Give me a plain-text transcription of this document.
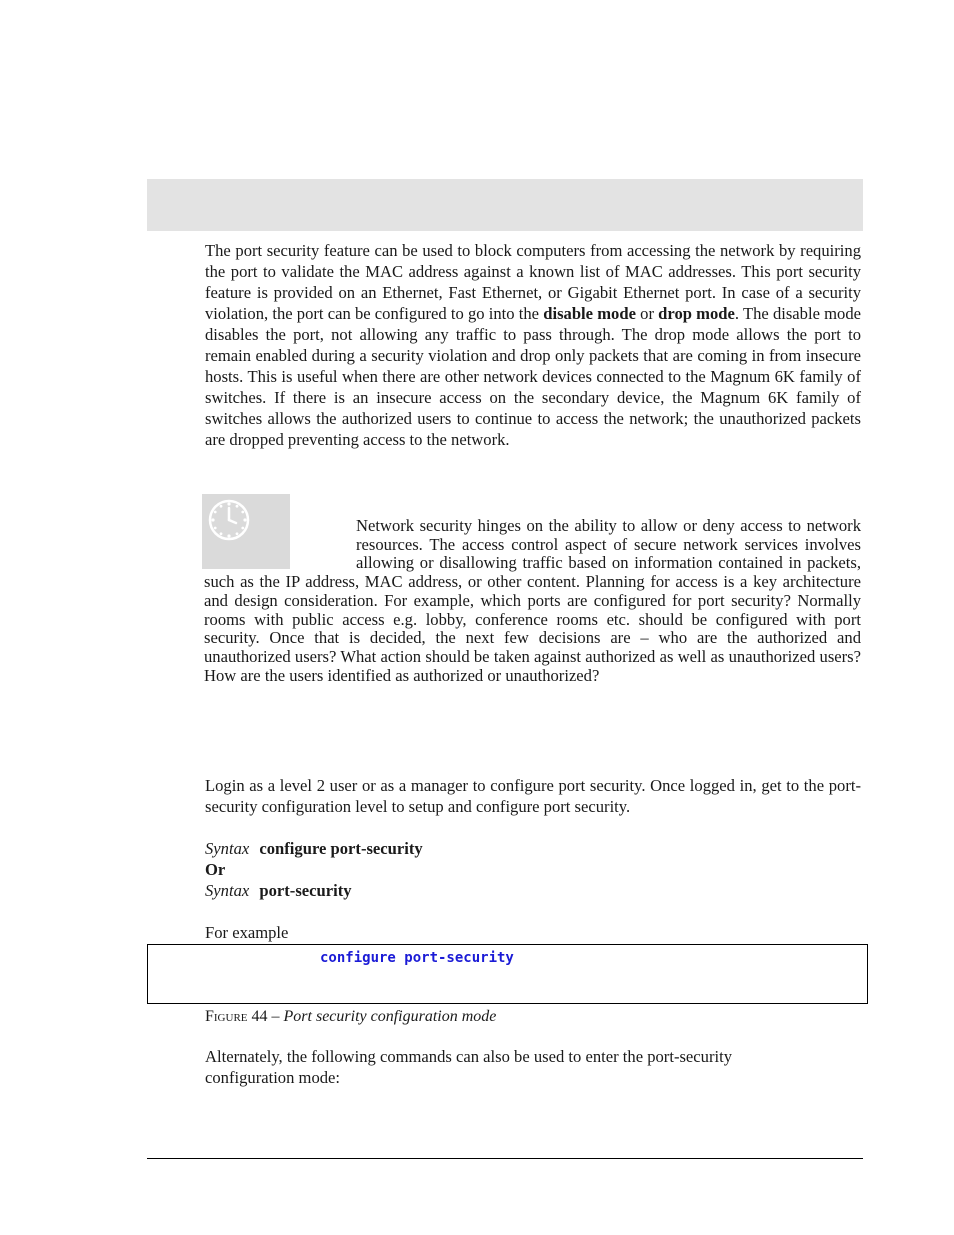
The port security feature can be used to block computers from accessing the network by requiring the port to validate the MAC address against a known list of MAC addresses. This port security feature is provided on an Ethernet, Fast Ethernet, or Gigabit Ethernet port. In case of a security violation, the port can be configured to go into the disable mode or drop mode. The disable mode disables the port, not allowing any traffic to pass through. The drop mode allows the port to remain enabled during a security violation and drop only packets that are coming in from insecure hosts. This is useful when there are other network devices connected to the Magnum 6K family of switches. If there is an insecure access on the secondary device, the Magnum 6K family of switches allows the authorized users to continue to access the network; the unauthorized packets are dropped preventing access to the network.

Network security hinges on the ability to allow or deny access to network resources. The access control aspect of secure network services involves allowing or disallowing traffic based on information contained in packets, such as the IP address, MAC address, or other content. Planning for access is a key architecture and design consideration. For example, which ports are configured for port security? Normally rooms with public access e.g. lobby, conference rooms etc. should be configured with port security. Once that is decided, the next few decisions are – who are the authorized and unauthorized users? What action should be taken against authorized as well as unauthorized users? How are the users identified as authorized or unauthorized?

Login as a level 2 user or as a manager to configure port security. Once logged in, get to the port-security configuration level to setup and configure port security.

Syntax configure port-security
Or
Syntax port-security
For example
configure port-security
Figure 44 – Port security configuration mode

Alternately, the following commands can also be used to enter the port-security configuration mode:
